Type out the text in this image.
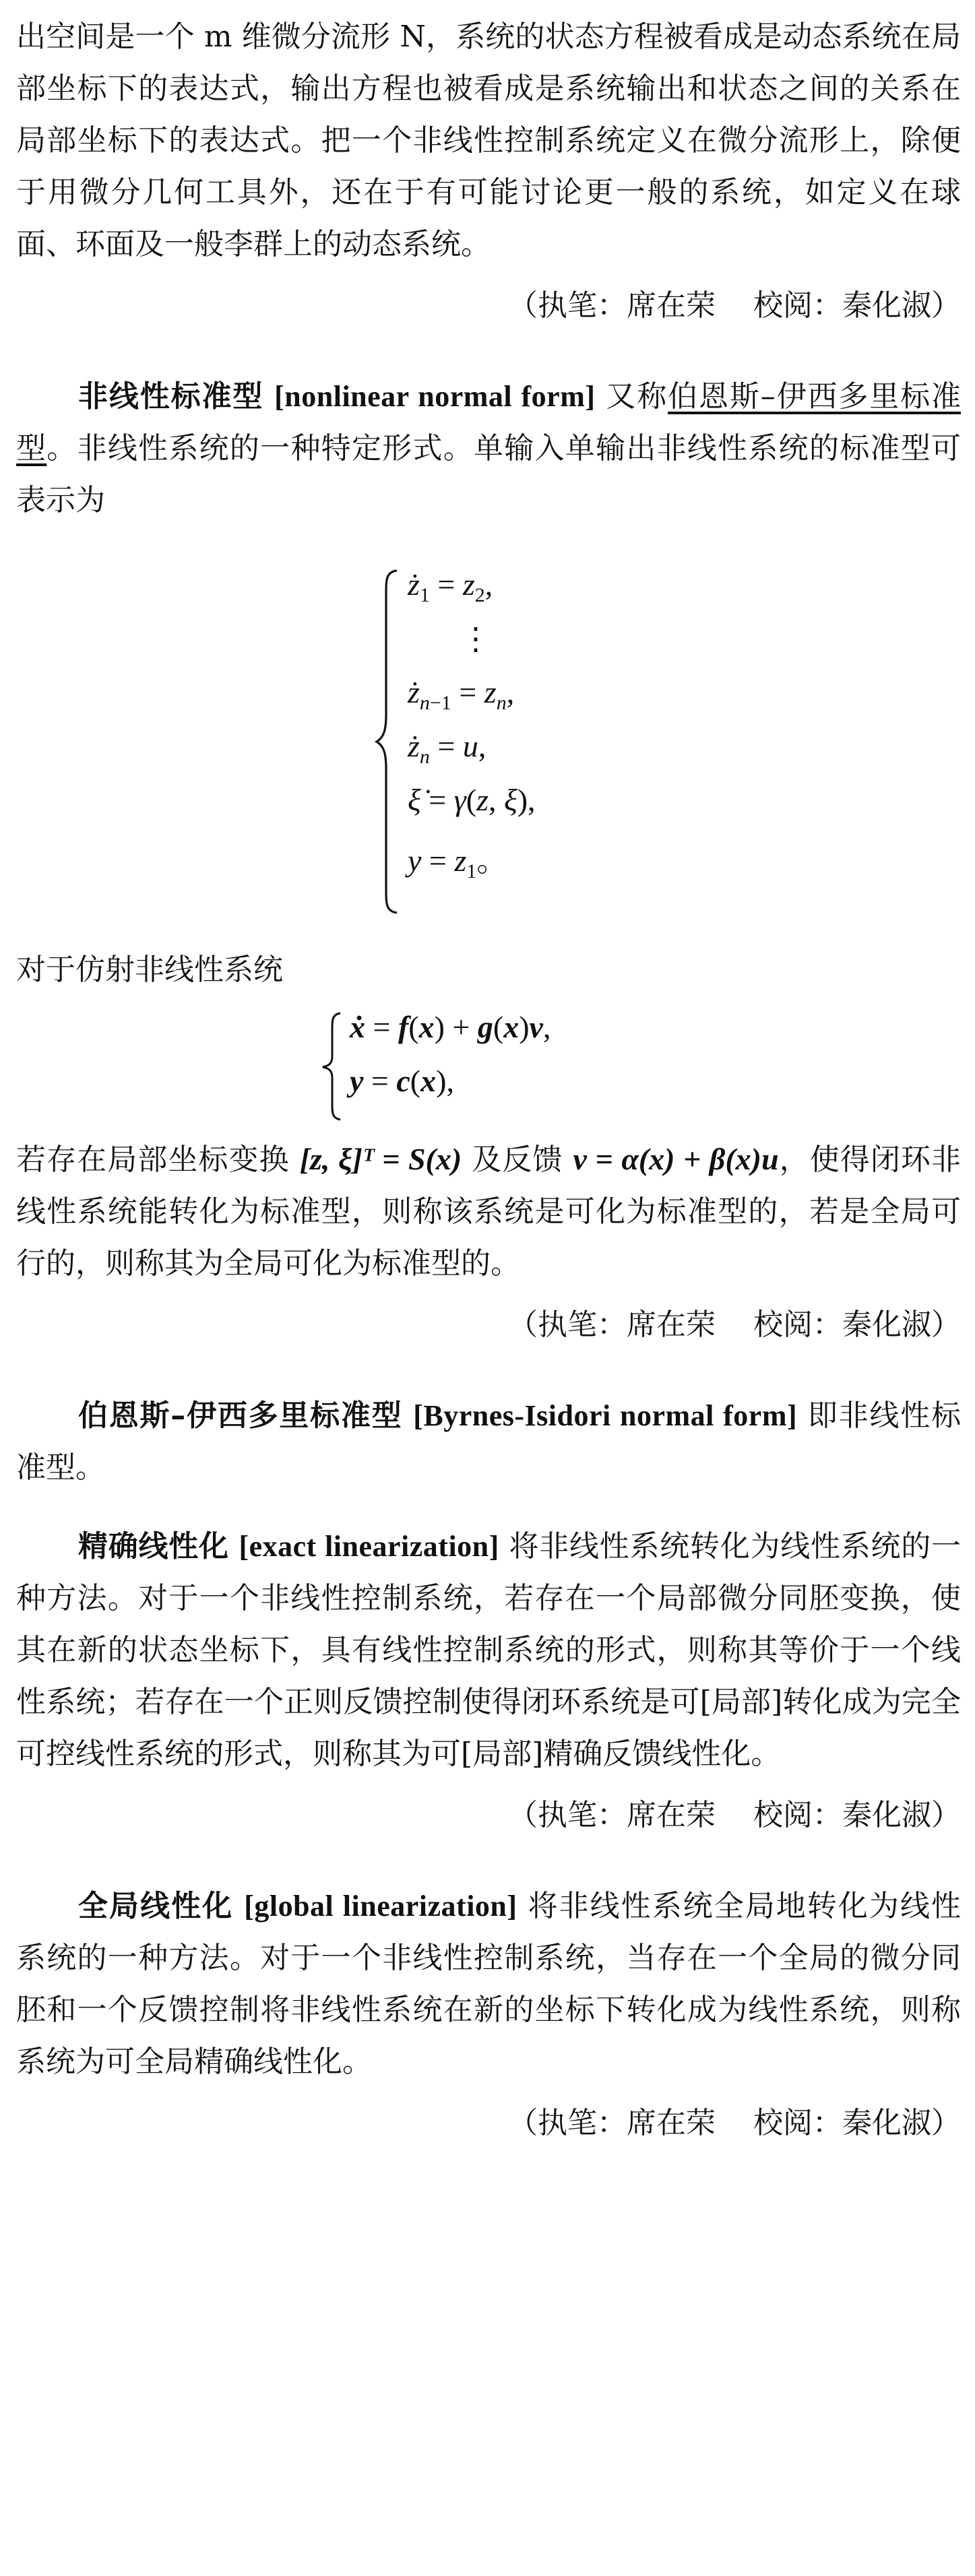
出空间是一个 m 维微分流形 N，系统的状态方程被看成是动态系统在局部坐标下的表达式，输出方程也被看成是系统输出和状态之间的关系在局部坐标下的表达式。把一个非线性控制系统定义在微分流形上，除便于用微分几何工具外，还在于有可能讨论更一般的系统，如定义在球面、环面及一般李群上的动态系统。

（执笔：席在荣    校阅：秦化淑）

非线性标准型 [nonlinear normal form] 又称伯恩斯–伊西多里标准型。非线性系统的一种特定形式。单输入单输出非线性系统的标准型可表示为

$ż_1 = z_2$,
⋮
$ż_{n-1} = z_n$,
$ż_n = u$,
ξ̇ = γ(z, ξ),
$y = z_1$。

对于仿射非线性系统

ẋ = f(x) + g(x)v,
y = c(x),

若存在局部坐标变换 [z, ξ]ᵀ = S(x) 及反馈 v = α(x) + β(x)u，使得闭环非线性系统能转化为标准型，则称该系统是可化为标准型的，若是全局可行的，则称其为全局可化为标准型的。

（执笔：席在荣    校阅：秦化淑）

伯恩斯–伊西多里标准型 [Byrnes-Isidori normal form] 即非线性标准型。

精确线性化 [exact linearization] 将非线性系统转化为线性系统的一种方法。对于一个非线性控制系统，若存在一个局部微分同胚变换，使其在新的状态坐标下，具有线性控制系统的形式，则称其等价于一个线性系统；若存在一个正则反馈控制使得闭环系统是可[局部]转化成为完全可控线性系统的形式，则称其为可[局部]精确反馈线性化。

（执笔：席在荣    校阅：秦化淑）

全局线性化 [global linearization] 将非线性系统全局地转化为线性系统的一种方法。对于一个非线性控制系统，当存在一个全局的微分同胚和一个反馈控制将非线性系统在新的坐标下转化成为线性系统，则称系统为可全局精确线性化。

（执笔：席在荣    校阅：秦化淑）
